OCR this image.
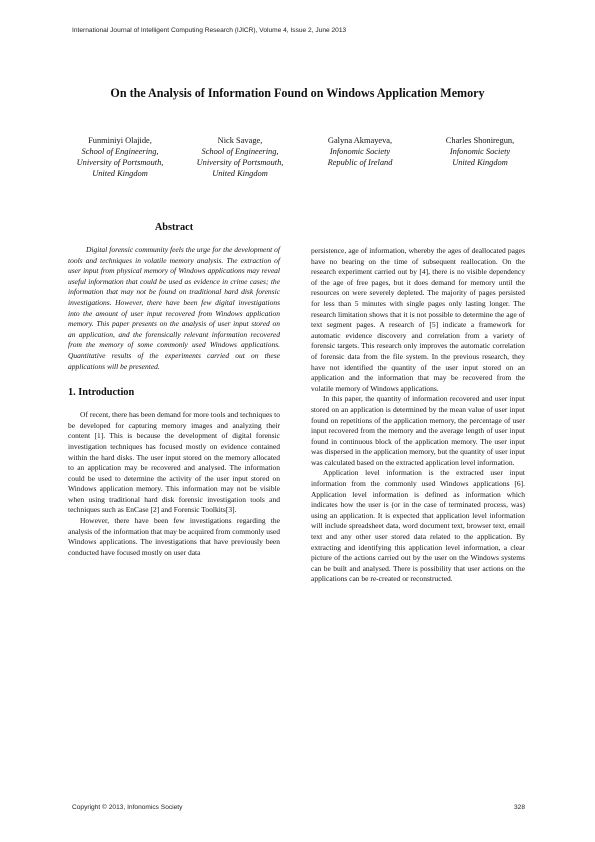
International Journal of Intelligent Computing Research (IJICR), Volume 4, Issue 2, June 2013
On the Analysis of Information Found on Windows Application Memory
Funminiyi Olajide,
School of Engineering,
University of Portsmouth,
United Kingdom
Nick Savage,
School of Engineering,
University of Portsmouth,
United Kingdom
Galyna Akmayeva,
Infonomic Society
Republic of Ireland
Charles Shoniregun,
Infonomic Society
United Kingdom
Abstract

Digital forensic community feels the urge for the development of tools and techniques in volatile memory analysis. The extraction of user input from physical memory of Windows applications may reveal useful information that could be used as evidence in crime cases; the information that may not be found on traditional hard disk forensic investigations. However, there have been few digital investigations into the amount of user input recovered from Windows application memory. This paper presents on the analysis of user input stored on an application, and the forensically relevant information recovered from the memory of some commonly used Windows applications. Quantitative results of the experiments carried out on these applications will be presented.

1. Introduction

Of recent, there has been demand for more tools and techniques to be developed for capturing memory images and analyzing their content [1]. This is because the development of digital forensic investigation techniques has focused mostly on evidence contained within the hard disks. The user input stored on the memory allocated to an application may be recovered and analysed. The information could be used to determine the activity of the user input stored on Windows application memory. This information may not be visible when using traditional hard disk forensic investigation tools and techniques such as EnCase [2] and Forensic Toolkits[3].

However, there have been few investigations regarding the analysis of the information that may be acquired from commonly used Windows applications. The investigations that have previously been conducted have focused mostly on user data

persistence, age of information, whereby the ages of deallocated pages have no bearing on the time of subsequent reallocation. On the research experiment carried out by [4], there is no visible dependency of the age of free pages, but it does demand for memory until the resources on were severely depleted. The majority of pages persisted for less than 5 minutes with single pages only lasting longer. The research limitation shows that it is not possible to determine the age of text segment pages. A research of [5] indicate a framework for automatic evidence discovery and correlation from a variety of forensic targets. This research only improves the automatic correlation of forensic data from the file system. In the previous research, they have not identified the quantity of the user input stored on an application and the information that may be recovered from the volatile memory of Windows applications.

In this paper, the quantity of information recovered and user input stored on an application is determined by the mean value of user input found on repetitions of the application memory, the percentage of user input recovered from the memory and the average length of user input found in continuous block of the application memory. The user input was dispersed in the application memory, but the quantity of user input was calculated based on the extracted application level information.

Application level information is the extracted user input information from the commonly used Windows applications [6]. Application level information is defined as information which indicates how the user is (or in the case of terminated process, was) using an application. It is expected that application level information will include spreadsheet data, word document text, browser text, email text and any other user stored data related to the application. By extracting and identifying this application level information, a clear picture of the actions carried out by the user on the Windows systems can be built and analysed. There is possibility that user actions on the applications can be re-created or reconstructed.

Copyright © 2013, Infonomics Society	328
